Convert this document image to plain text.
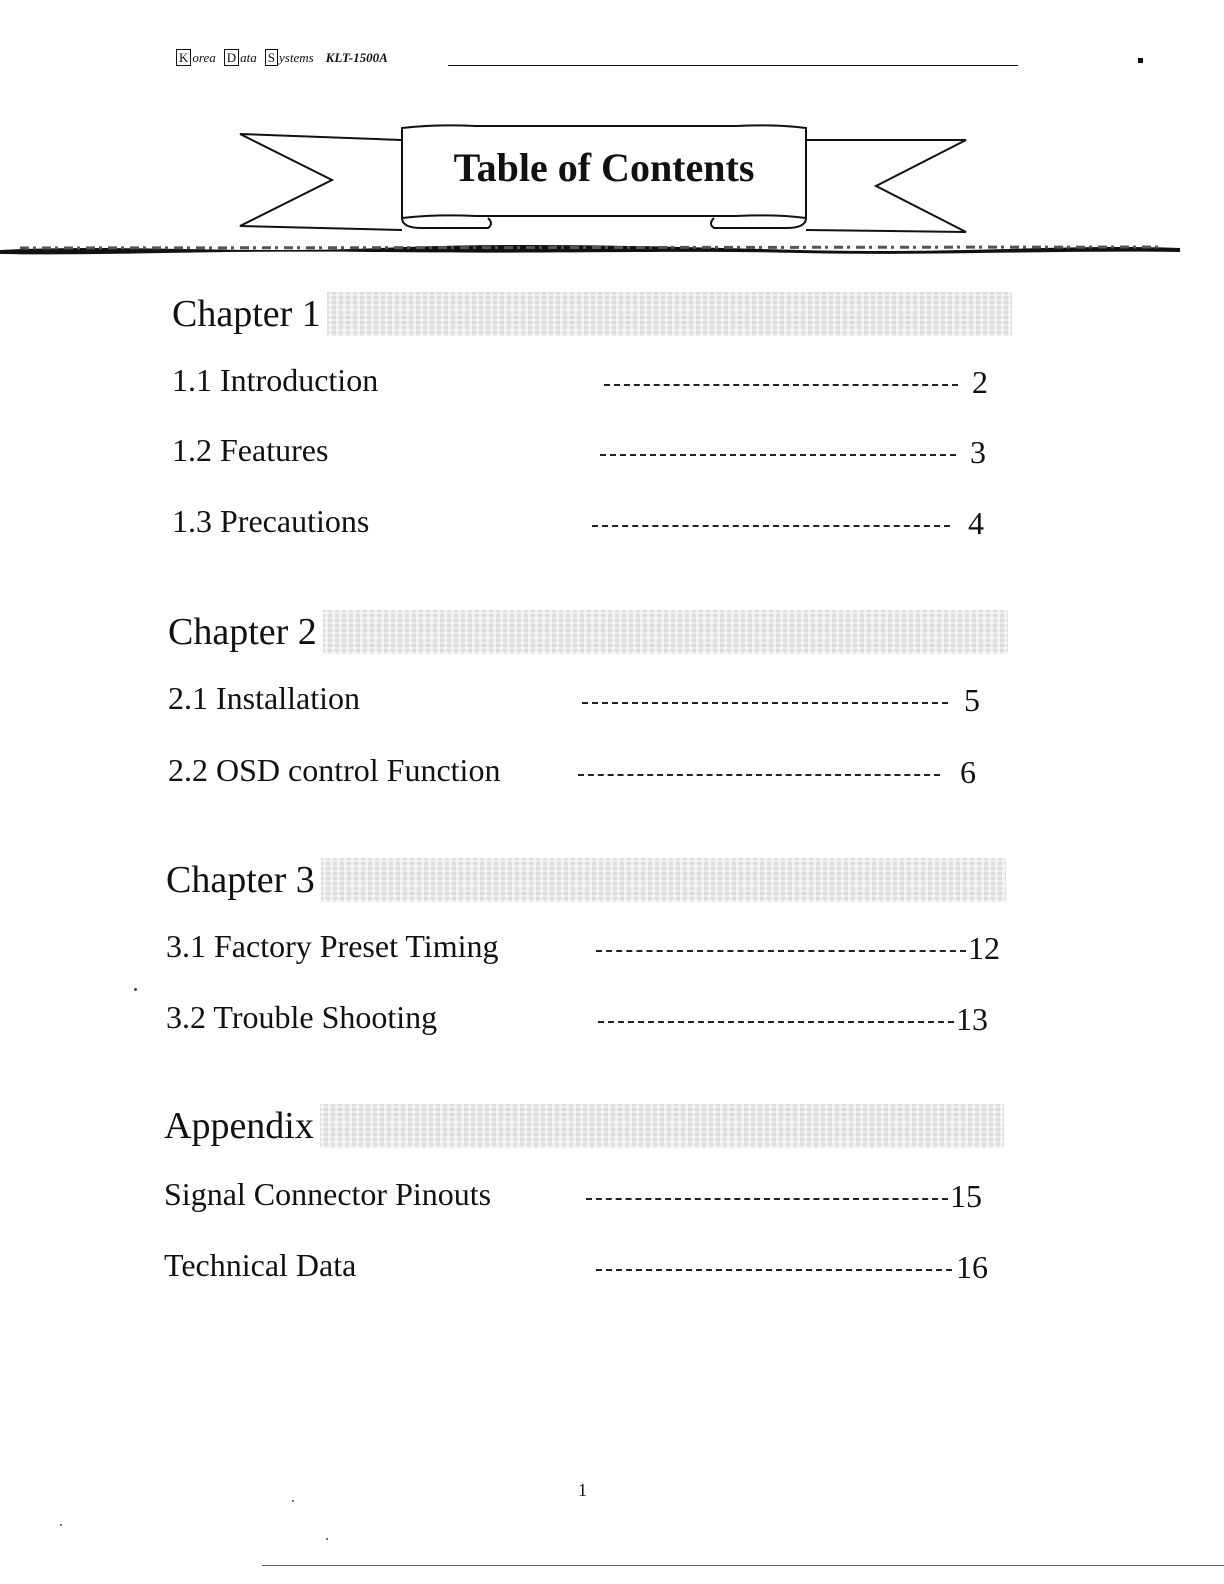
K orea D ata S ystems KLT-1500A
Table of Contents
Chapter 1
1.1 Introduction	2
1.2 Features	3
1.3 Precautions	4
Chapter 2
2.1 Installation	5
2.2 OSD control Function	6
Chapter 3
3.1 Factory Preset Timing	12
3.2 Trouble Shooting	13
Appendix
Signal Connector Pinouts	15
Technical Data	16
1
